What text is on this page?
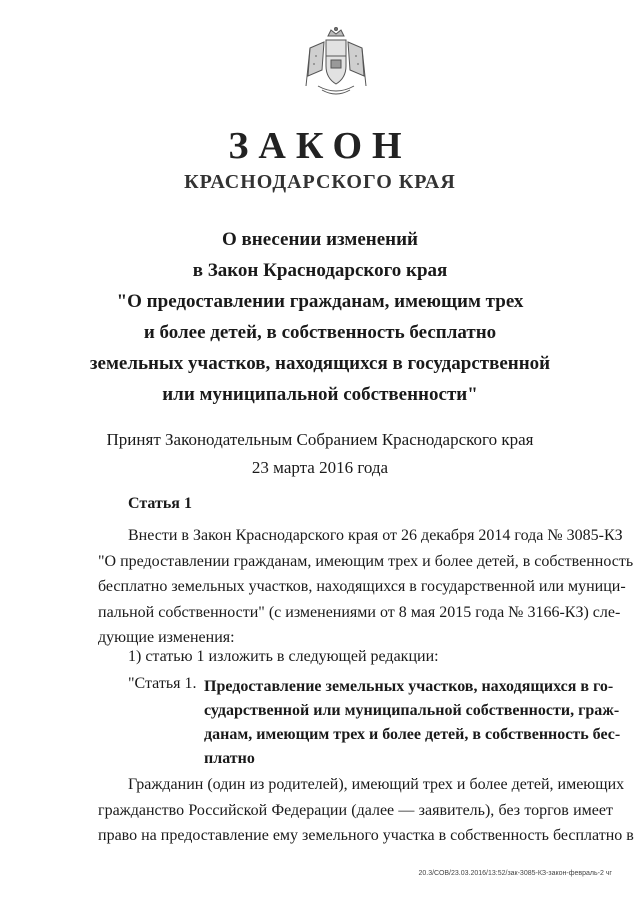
ЗАКОН
КРАСНОДАРСКОГО КРАЯ
О внесении изменений
в Закон Краснодарского края
"О предоставлении гражданам, имеющим трех
и более детей, в собственность бесплатно
земельных участков, находящихся в государственной
или муниципальной собственности"
Принят Законодательным Собранием Краснодарского края
23 марта 2016 года
Статья 1
Внести в Закон Краснодарского края от 26 декабря 2014 года № 3085-КЗ
"О предоставлении гражданам, имеющим трех и более детей, в собственность
бесплатно земельных участков, находящихся в государственной или муници-
пальной собственности" (с изменениями от 8 мая 2015 года № 3166-КЗ) сле-
дующие изменения:
1) статью 1 изложить в следующей редакции:
"Статья 1. Предоставление земельных участков, находящихся в го-
сударственной или муниципальной собственности, граж-
данам, имеющим трех и более детей, в собственность бес-
платно
Гражданин (один из родителей), имеющий трех и более детей, имеющих
гражданство Российской Федерации (далее — заявитель), без торгов имеет
право на предоставление ему земельного участка в собственность бесплатно в
20.3/СОВ/23.03.2016/13:52/зак-3085-КЗ-закон-февраль-2 чг
